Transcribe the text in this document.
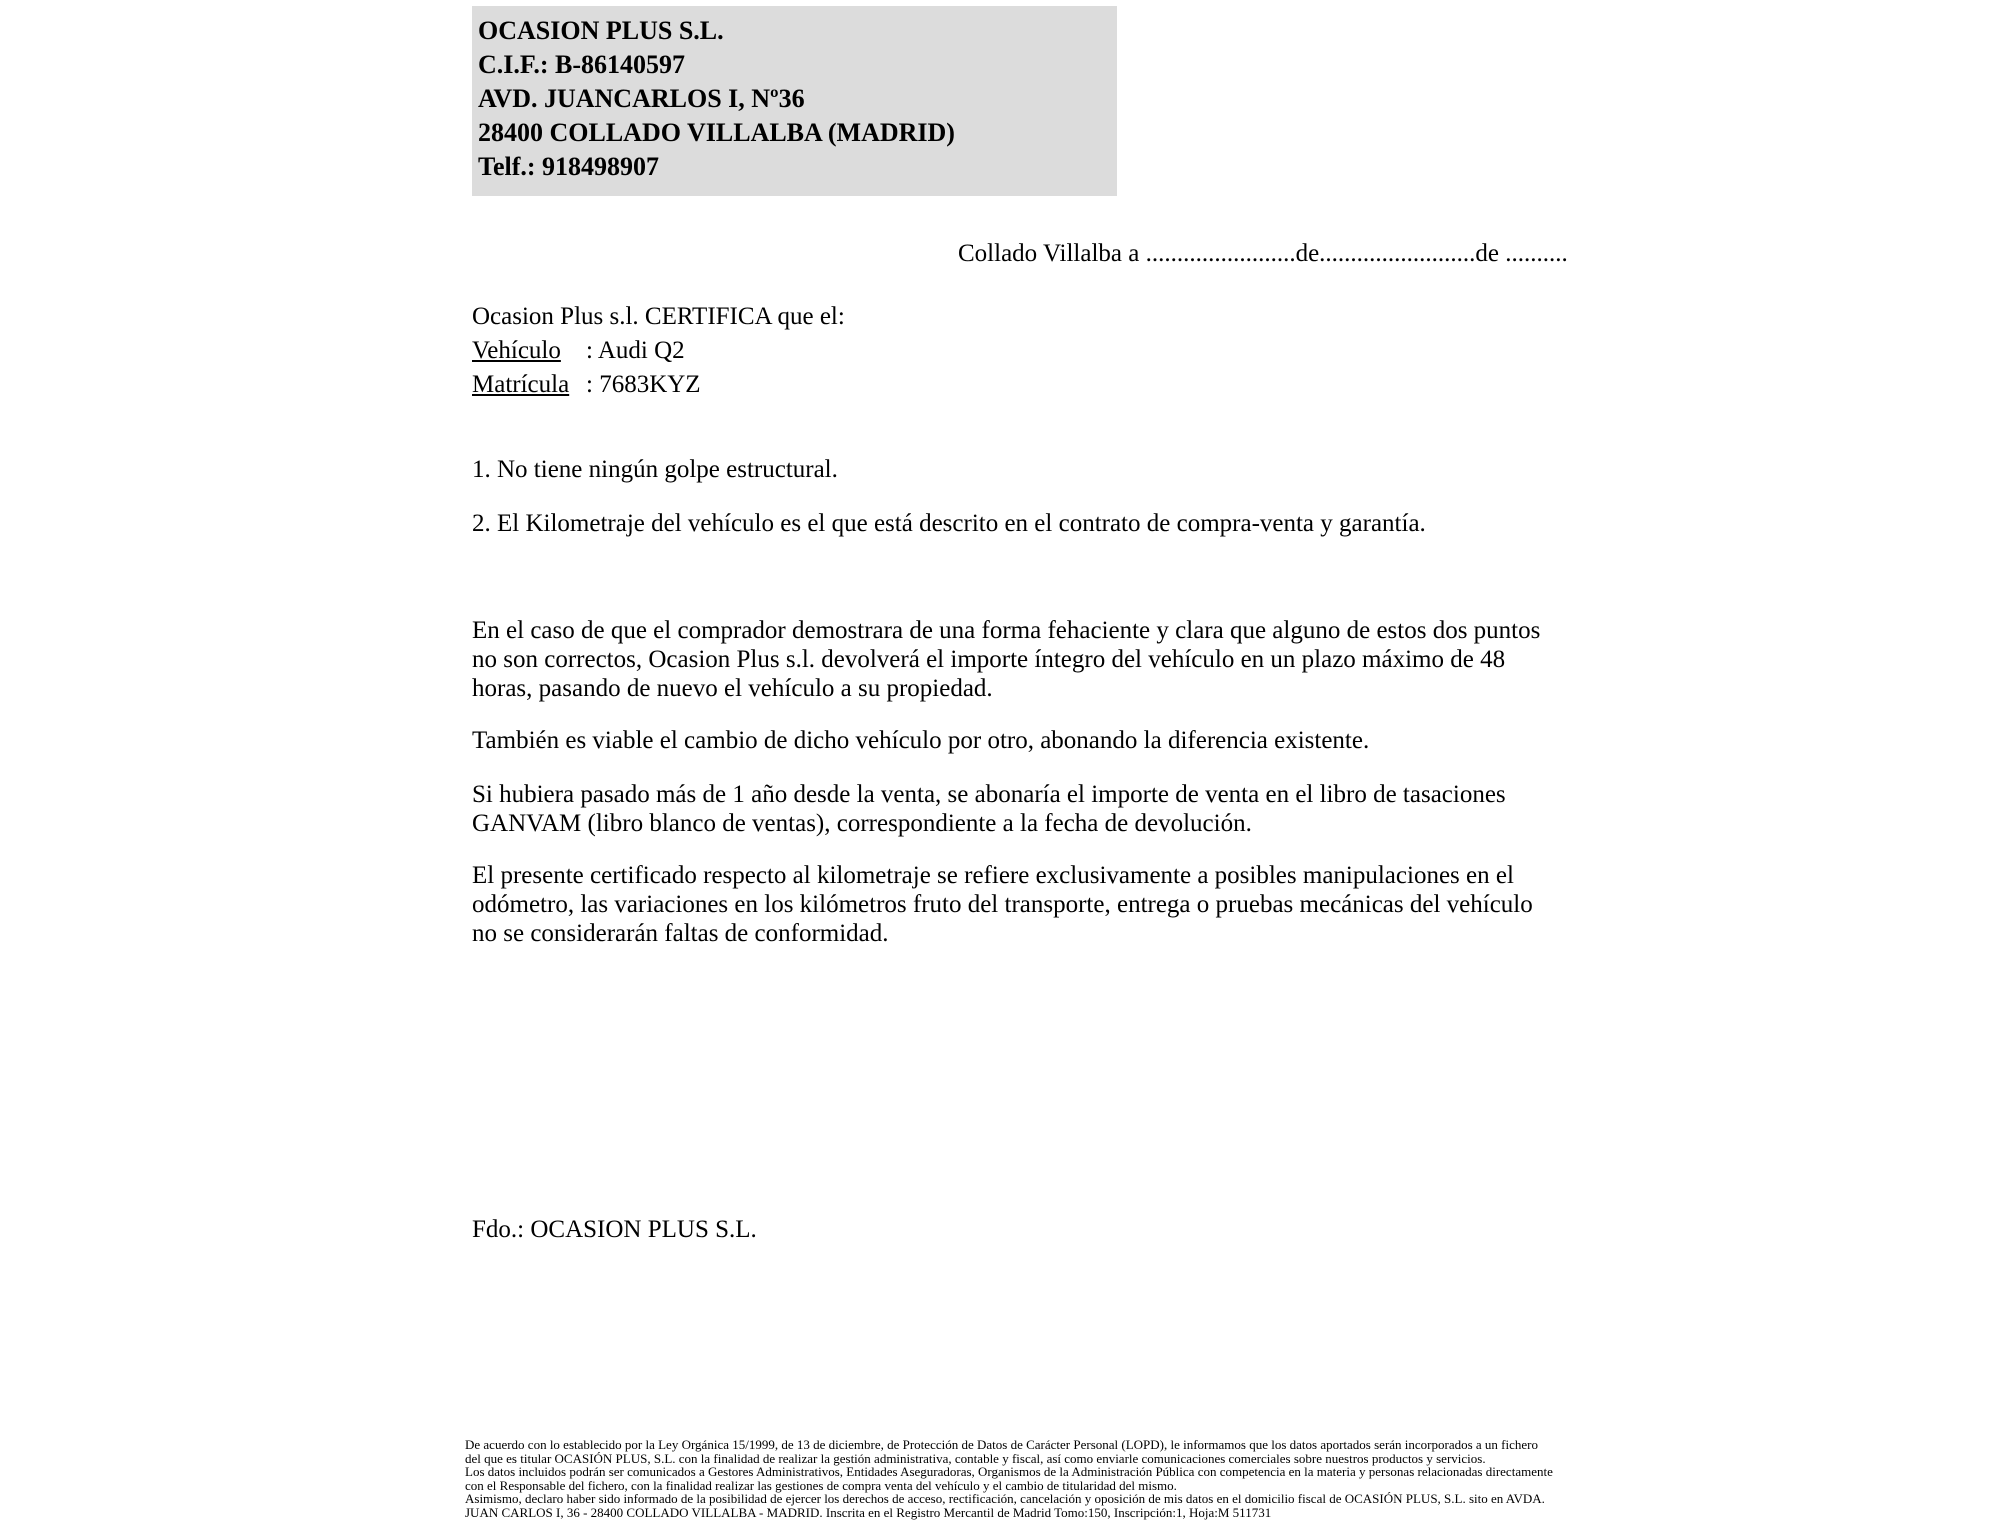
OCASION PLUS S.L.
C.I.F.: B-86140597
AVD. JUANCARLOS I, Nº36
28400 COLLADO VILLALBA (MADRID)
Telf.: 918498907
Collado Villalba a ........................de.........................de ..........

Ocasion Plus s.l. CERTIFICA que el:

Vehículo : Audi Q2

Matrícula : 7683KYZ

1. No tiene ningún golpe estructural.

2. El Kilometraje del vehículo es el que está descrito en el contrato de compra-venta y garantía.

En el caso de que el comprador demostrara de una forma fehaciente y clara que alguno de estos dos puntos no son correctos, Ocasion Plus s.l. devolverá el importe íntegro del vehículo en un plazo máximo de 48 horas, pasando de nuevo el vehículo a su propiedad.

También es viable el cambio de dicho vehículo por otro, abonando la diferencia existente.

Si hubiera pasado más de 1 año desde la venta, se abonaría el importe de venta en el libro de tasaciones GANVAM (libro blanco de ventas), correspondiente a la fecha de devolución.

El presente certificado respecto al kilometraje se refiere exclusivamente a posibles manipulaciones en el odómetro, las variaciones en los kilómetros fruto del transporte, entrega o pruebas mecánicas del vehículo no se considerarán faltas de conformidad.

Fdo.: OCASION PLUS S.L.

De acuerdo con lo establecido por la Ley Orgánica 15/1999, de 13 de diciembre, de Protección de Datos de Carácter Personal (LOPD), le informamos que los datos aportados serán incorporados a un fichero del que es titular OCASIÓN PLUS, S.L. con la finalidad de realizar la gestión administrativa, contable y fiscal, así como enviarle comunicaciones comerciales sobre nuestros productos y servicios.

Los datos incluidos podrán ser comunicados a Gestores Administrativos, Entidades Aseguradoras, Organismos de la Administración Pública con competencia en la materia y personas relacionadas directamente con el Responsable del fichero, con la finalidad realizar las gestiones de compra venta del vehículo y el cambio de titularidad del mismo.

Asimismo, declaro haber sido informado de la posibilidad de ejercer los derechos de acceso, rectificación, cancelación y oposición de mis datos en el domicilio fiscal de OCASIÓN PLUS, S.L. sito en AVDA. JUAN CARLOS I, 36 - 28400 COLLADO VILLALBA - MADRID. Inscrita en el Registro Mercantil de Madrid Tomo:150, Inscripción:1, Hoja:M 511731
